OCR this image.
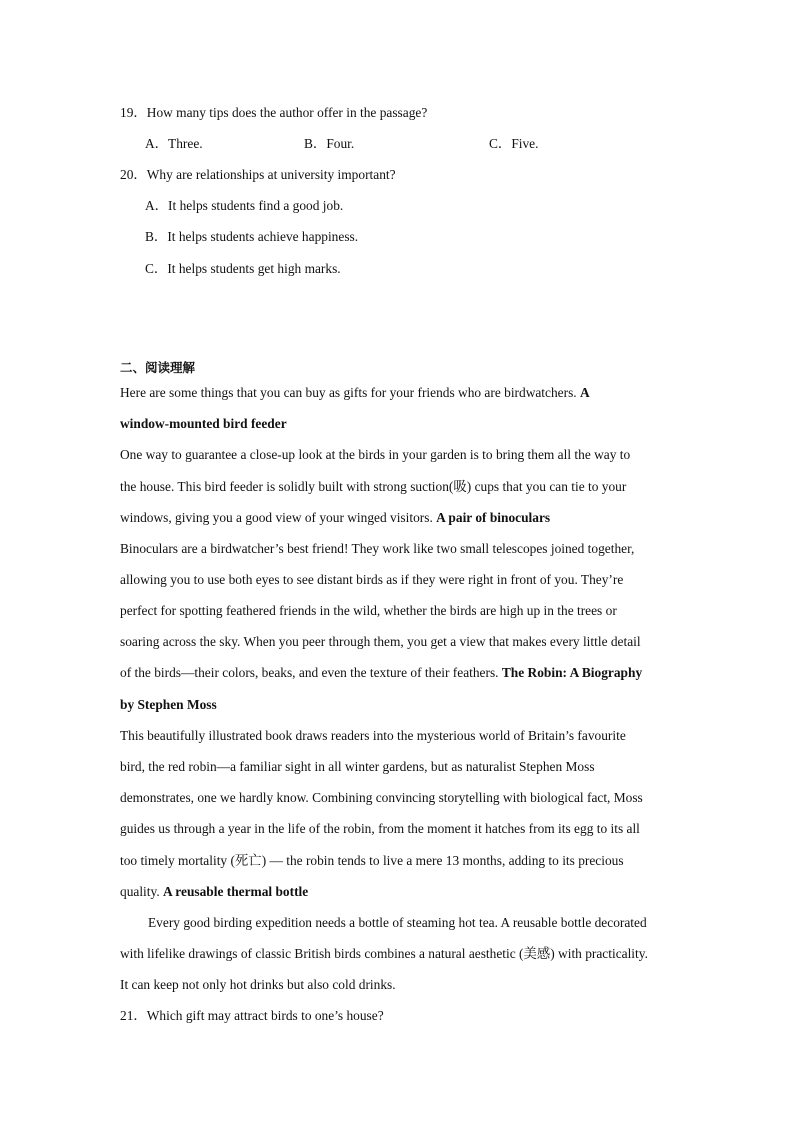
19．How many tips does the author offer in the passage?
A．Three.	B．Four.	C．Five.
20．Why are relationships at university important?
A．It helps students find a good job.
B．It helps students achieve happiness.
C．It helps students get high marks.
二、阅读理解
Here are some things that you can buy as gifts for your friends who are birdwatchers. A
window-mounted bird feeder
One way to guarantee a close-up look at the birds in your garden is to bring them all the way to
the house. This bird feeder is solidly built with strong suction(吸) cups that you can tie to your
windows, giving you a good view of your winged visitors. A pair of binoculars
Binoculars are a birdwatcher’s best friend! They work like two small telescopes joined together,
allowing you to use both eyes to see distant birds as if they were right in front of you. They’re
perfect for spotting feathered friends in the wild, whether the birds are high up in the trees or
soaring across the sky. When you peer through them, you get a view that makes every little detail
of the birds—their colors, beaks, and even the texture of their feathers. The Robin: A Biography
by Stephen Moss
This beautifully illustrated book draws readers into the mysterious world of Britain’s favourite
bird, the red robin—a familiar sight in all winter gardens, but as naturalist Stephen Moss
demonstrates, one we hardly know. Combining convincing storytelling with biological fact, Moss
guides us through a year in the life of the robin, from the moment it hatches from its egg to its all
too timely mortality (死亡) — the robin tends to live a mere 13 months, adding to its precious
quality. A reusable thermal bottle
Every good birding expedition needs a bottle of steaming hot tea. A reusable bottle decorated
with lifelike drawings of classic British birds combines a natural aesthetic (美感) with practicality.
It can keep not only hot drinks but also cold drinks.
21．Which gift may attract birds to one’s house?
